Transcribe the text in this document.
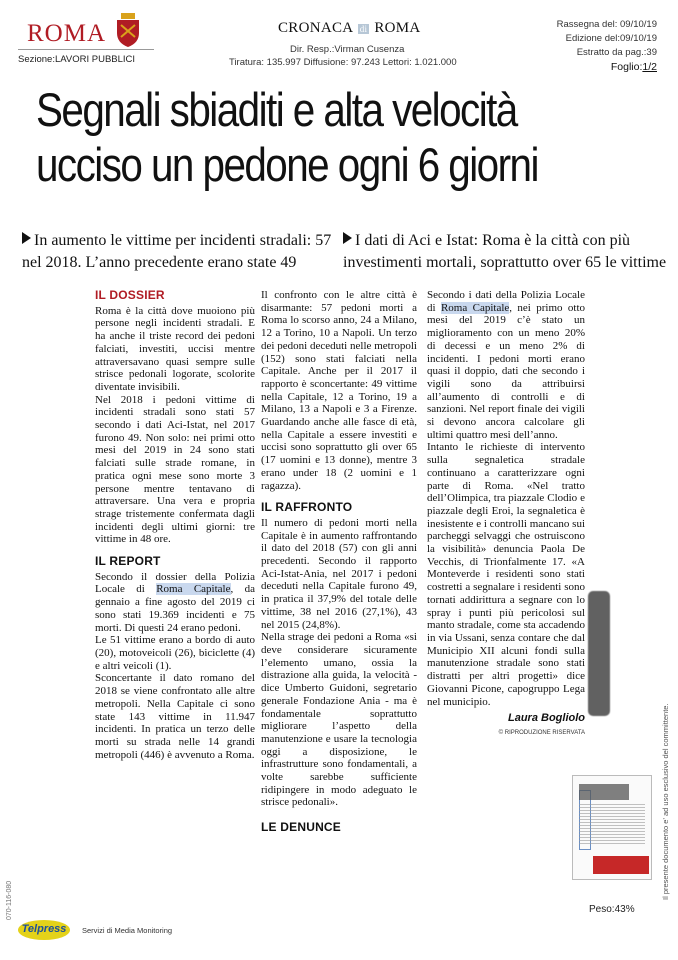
ROMA
Sezione:LAVORI PUBBLICI
CRONACA di ROMA
Dir. Resp.:Virman Cusenza
Tiratura: 135.997 Diffusione: 97.243 Lettori: 1.021.000
Rassegna del: 09/10/19
Edizione del:09/10/19
Estratto da pag.:39
Foglio:1/2
Segnali sbiaditi e alta velocità
ucciso un pedone ogni 6 giorni
In aumento le vittime per incidenti stradali: 57 nel 2018. L’anno precedente erano state 49
I dati di Aci e Istat: Roma è la città con più investimenti mortali, soprattutto over 65 le vittime
IL DOSSIER

Roma è la città dove muoiono più persone negli incidenti stradali. E ha anche il triste record dei pedoni falciati, investiti, uccisi mentre attraversavano quasi sempre sulle strisce pedonali logorate, scolorite diventate invisibili.

Nel 2018 i pedoni vittime di incidenti stradali sono stati 57 secondo i dati Aci-Istat, nel 2017 furono 49. Non solo: nei primi otto mesi del 2019 in 24 sono stati falciati sulle strade romane, in pratica ogni mese sono morte 3 persone mentre tentavano di attraversare. Una vera e propria strage tristemente confermata dagli incidenti degli ultimi giorni: tre vittime in 48 ore.

IL REPORT

Secondo il dossier della Polizia Locale di Roma Capitale, da gennaio a fine agosto del 2019 ci sono stati 19.369 incidenti e 75 morti. Di questi 24 erano pedoni.

Le 51 vittime erano a bordo di auto (20), motoveicoli (26), biciclette (4) e altri veicoli (1).

Sconcertante il dato romano del 2018 se viene confrontato alle altre metropoli. Nella Capitale ci sono state 143 vittime in 11.947 incidenti. In pratica un terzo delle morti su strada nelle 14 grandi metropoli (446) è avvenuto a Roma.

Il confronto con le altre città è disarmante: 57 pedoni morti a Roma lo scorso anno, 24 a Milano, 12 a Torino, 10 a Napoli. Un terzo dei pedoni deceduti nelle metropoli (152) sono stati falciati nella Capitale. Anche per il 2017 il rapporto è sconcertante: 49 vittime nella Capitale, 12 a Torino, 19 a Milano, 13 a Napoli e 3 a Firenze. Guardando anche alle fasce di età, nella Capitale a essere investiti e uccisi sono soprattutto gli over 65 (17 uomini e 13 donne), mentre 3 erano under 18 (2 uomini e 1 ragazza).

IL RAFFRONTO

Il numero di pedoni morti nella Capitale è in aumento raffrontando il dato del 2018 (57) con gli anni precedenti. Secondo il rapporto Aci-Istat-Ania, nel 2017 i pedoni deceduti nella Capitale furono 49, in pratica il 37,9% del totale delle vittime, 38 nel 2016 (27,1%), 43 nel 2015 (24,8%).

Nella strage dei pedoni a Roma «si deve considerare sicuramente l’elemento umano, ossia la distrazione alla guida, la velocità - dice Umberto Guidoni, segretario generale Fondazione Ania - ma è fondamentale soprattutto migliorare l’aspetto della manutenzione e usare la tecnologia oggi a disposizione, le infrastrutture sono fondamentali, a volte sarebbe sufficiente ridipingere in modo adeguato le strisce pedonali».

LE DENUNCE

Secondo i dati della Polizia Locale di Roma Capitale, nei primo otto mesi del 2019 c’è stato un miglioramento con un meno 20% di decessi e un meno 2% di incidenti. I pedoni morti erano quasi il doppio, dati che secondo i vigili sono da attribuirsi all’aumento di controlli e di sanzioni. Nel report finale dei vigili si devono ancora calcolare gli ultimi quattro mesi dell’anno.

Intanto le richieste di intervento sulla segnaletica stradale continuano a caratterizzare ogni parte di Roma. «Nel tratto dell’Olimpica, tra piazzale Clodio e piazzale degli Eroi, la segnaletica è inesistente e i controlli mancano sui parcheggi selvaggi che ostruiscono la visibilità» denuncia Paola De Vecchis, di Trionfalmente 17. «A Monteverde i residenti sono stati costretti a segnalare i residenti sono tornati addirittura a segnare con lo spray i punti più pericolosi sul manto stradale, come sta accadendo in via Ussani, senza contare che dal Municipio XII alcuni fondi sulla manutenzione stradale sono stati distratti per altri progetti» dice Giovanni Picone, capogruppo Lega nel municipio.

Laura Bogliolo
© RIPRODUZIONE RISERVATA
Peso:43%
Il presente documento e' ad uso esclusivo del committente.
070-116-080
Telpress	Servizi di Media Monitoring
